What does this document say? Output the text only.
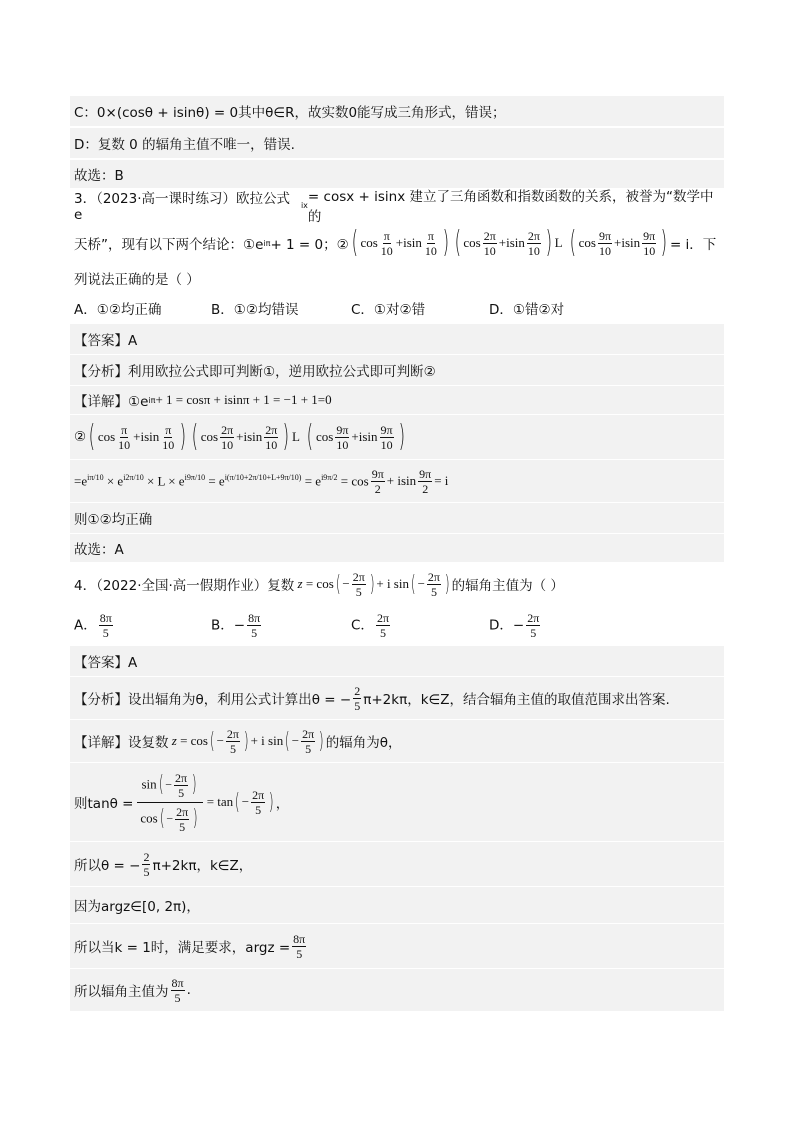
C：0×(cosθ + isinθ) = 0其中θ∈R，故实数0能写成三角形式，错误；
D：复数 0 的辐角主值不唯一，错误.
故选：B
3．（2023·高一课时练习）欧拉公式 e
ix = cosx + isinx 建立了三角函数和指数函数的关系，被誉为“数学中的
天桥”，现有以下两个结论：①e iπ + 1 = 0；② ( $\cos \frac{\pi}{10} +isin \frac{\pi}{10}$ ) ( $\cos \frac{2\pi}{10} +isin \frac{2\pi}{10}$ ) L
( $\cos \frac{9\pi}{10} +isin \frac{9\pi}{10}$ ) = i．下
列说法正确的是（ ）
A．①②均正确	B．①②均错误	C．①对②错	D．①错②对
【答案】A
【分析】利用欧拉公式即可判断①，逆用欧拉公式即可判断②
【详解】①e iπ + 1 = cosπ + isinπ + 1 = −1 + 1=0
② ( $\cos \frac{\pi}{10} +isin \frac{\pi}{10}$ ) ( $\cos \frac{2\pi}{10} +isin \frac{2\pi}{10}$ ) L
( $\cos \frac{9\pi}{10} +isin \frac{9\pi}{10}$ )
$=e^{i\pi/10} \times e^{i2\pi/10} \times L \times e^{i9\pi/10} = e^{i(\pi/10+2\pi/10+L+9\pi/10)} = e^{i9\pi/2} = \cos \frac{9\pi}{2} + isin \frac{9\pi}{2} = i$
则①②均正确
故选：A
4．（2022·全国·高一假期作业）复数 z = cos ( − $\frac{2\pi}{5}$ ) + i sin ( − $\frac{2\pi}{5}$ ) 的辐角主值为（ ）
A． $\frac{8\pi}{5}$	B．− $\frac{8\pi}{5}$	C． $\frac{2\pi}{5}$	D．− $\frac{2\pi}{5}$
【答案】A
【分析】设出辐角为θ，利用公式计算出θ = − $\frac{2}{5} \pi+2k\pi$，k∈Z，结合辐角主值的取值范围求出答案.
【详解】设复数 z = cos ( − $\frac{2\pi}{5}$ ) + i sin ( − $\frac{2\pi}{5}$ ) 的辐角为θ，
则$\tan\theta = \frac{\sin( - \frac{2\pi}{5} )}{\cos( - \frac{2\pi}{5} )} = \tan$ ( − $\frac{2\pi}{5}$ ) ，
所以θ = − $\frac{2}{5} \pi+2k\pi$，k∈Z，
因为argz∈[0, 2π)，
所以当k = 1时，满足要求，argz = $\frac{8\pi}{5}$
所以辐角主值为 $\frac{8\pi}{5}$ .
